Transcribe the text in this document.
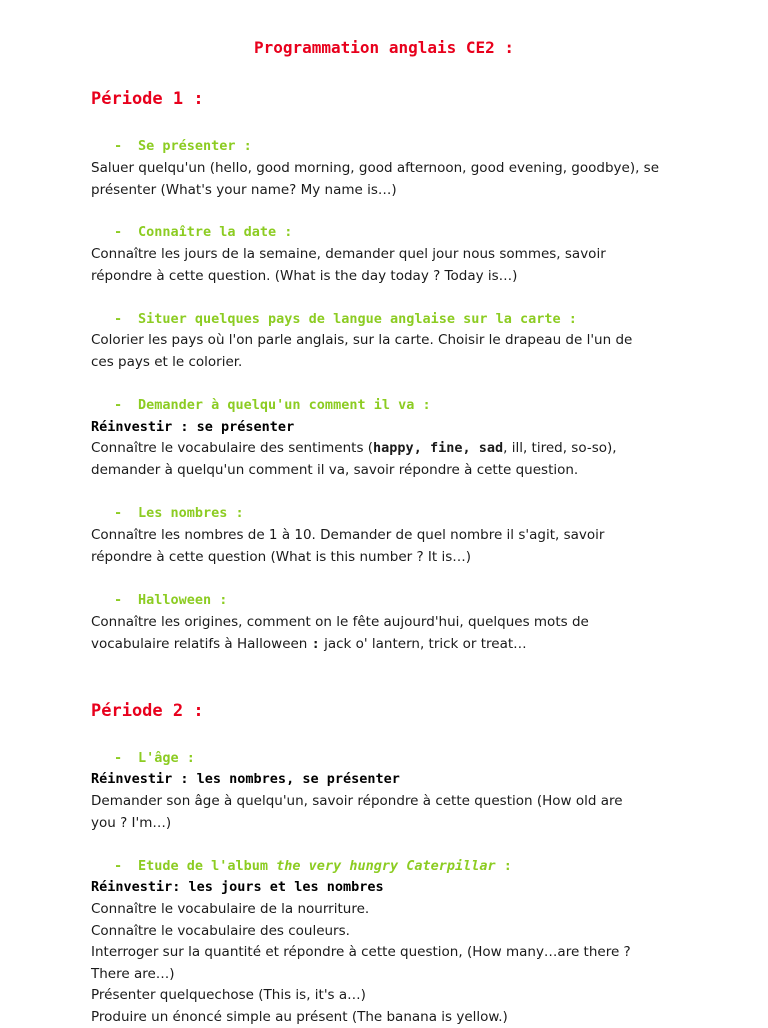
Programmation anglais CE2 :
Période 1 :
- Se présenter :
Saluer quelqu'un (hello, good morning, good afternoon, good evening, goodbye), se
présenter (What's your name? My name is…)
- Connaître la date :
Connaître les jours de la semaine, demander quel jour nous sommes, savoir
répondre à cette question. (What is the day today ? Today is…)
- Situer quelques pays de langue anglaise sur la carte :
Colorier les pays où l'on parle anglais, sur la carte. Choisir le drapeau de l'un de
ces pays et le colorier.
- Demander à quelqu'un comment il va :
Réinvestir : se présenter
Connaître le vocabulaire des sentiments (happy, fine, sad, ill, tired, so-so),
demander à quelqu'un comment il va, savoir répondre à cette question.
- Les nombres :
Connaître les nombres de 1 à 10. Demander de quel nombre il s'agit, savoir
répondre à cette question (What is this number ? It is…)
- Halloween :
Connaître les origines, comment on le fête aujourd'hui, quelques mots de
vocabulaire relatifs à Halloween : jack o' lantern, trick or treat…
Période 2 :
- L'âge :
Réinvestir : les nombres, se présenter
Demander son âge à quelqu'un, savoir répondre à cette question (How old are
you ? I'm…)
- Etude de l'album the very hungry Caterpillar :
Réinvestir: les jours et les nombres
Connaître le vocabulaire de la nourriture.
Connaître le vocabulaire des couleurs.
Interroger sur la quantité et répondre à cette question, (How many…are there ?
There are…)
Présenter quelquechose (This is, it's a…)
Produire un énoncé simple au présent (The banana is yellow.)
